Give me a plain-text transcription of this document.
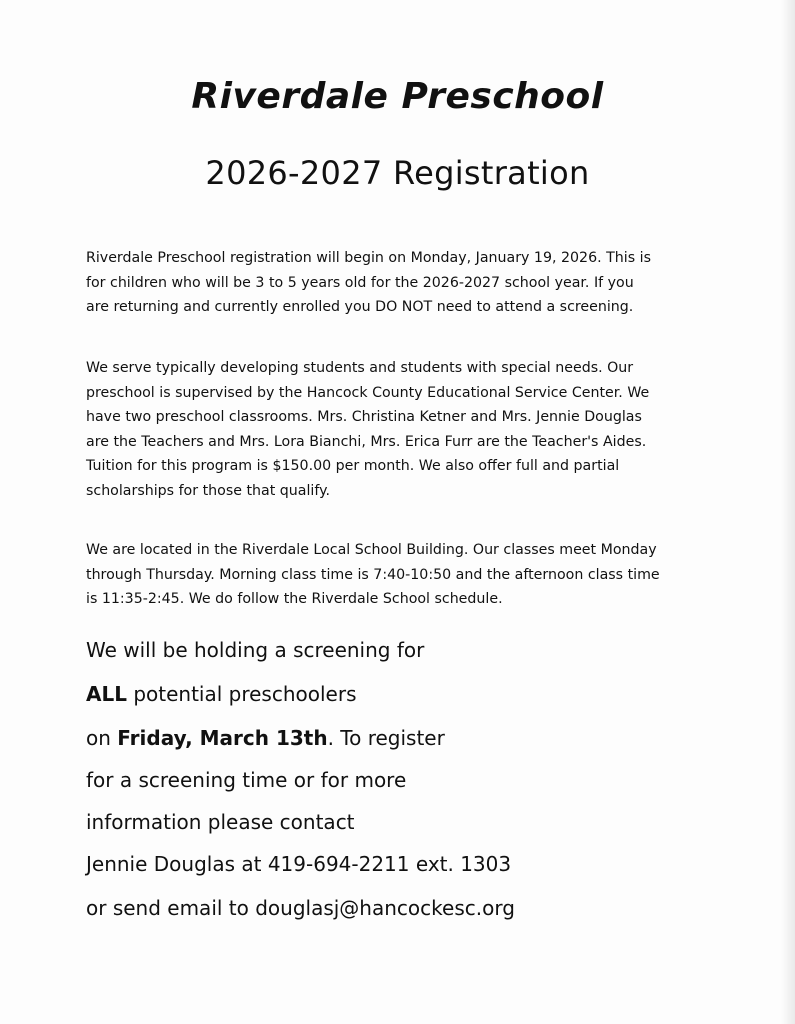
Riverdale Preschool
2026-2027 Registration
Riverdale Preschool registration will begin on Monday, January 19, 2026. This is
for children who will be 3 to 5 years old for the 2026-2027 school year. If you
are returning and currently enrolled you DO NOT need to attend a screening.
We serve typically developing students and students with special needs. Our
preschool is supervised by the Hancock County Educational Service Center. We
have two preschool classrooms. Mrs. Christina Ketner and Mrs. Jennie Douglas
are the Teachers and Mrs. Lora Bianchi, Mrs. Erica Furr are the Teacher's Aides.
Tuition for this program is $150.00 per month. We also offer full and partial
scholarships for those that qualify.
We are located in the Riverdale Local School Building. Our classes meet Monday
through Thursday. Morning class time is 7:40-10:50 and the afternoon class time
is 11:35-2:45. We do follow the Riverdale School schedule.

We will be holding a screening for

ALL potential preschoolers

on Friday, March 13th. To register

for a screening time or for more

information please contact

Jennie Douglas at 419-694-2211 ext. 1303

or send email to douglasj@hancockesc.org
